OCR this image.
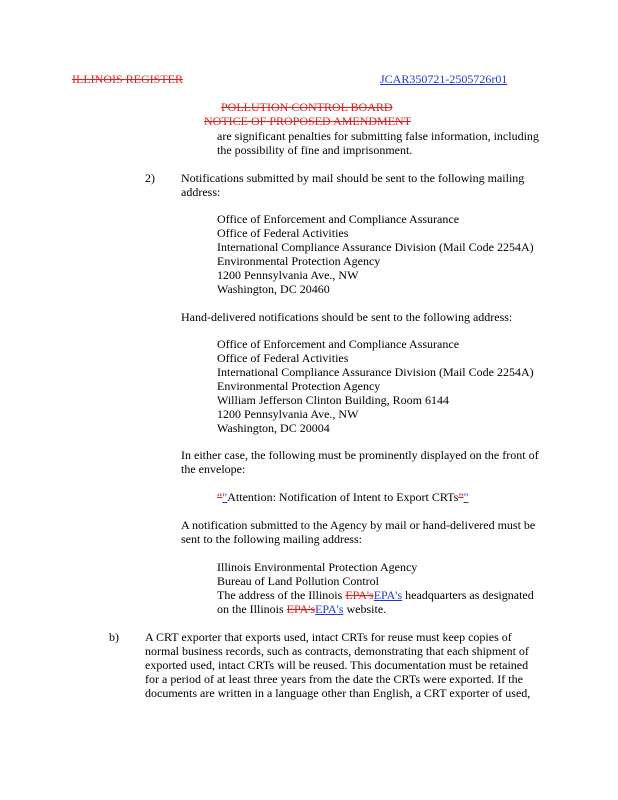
ILLINOIS REGISTER	JCAR350721-2505726r01
POLLUTION CONTROL BOARD
NOTICE OF PROPOSED AMENDMENT
are significant penalties for submitting false information, including
the possibility of fine and imprisonment.
2) Notifications submitted by mail should be sent to the following mailing
address:
Office of Enforcement and Compliance Assurance
Office of Federal Activities
International Compliance Assurance Division (Mail Code 2254A)
Environmental Protection Agency
1200 Pennsylvania Ave., NW
Washington, DC 20460
Hand-delivered notifications should be sent to the following address:
Office of Enforcement and Compliance Assurance
Office of Federal Activities
International Compliance Assurance Division (Mail Code 2254A)
Environmental Protection Agency
William Jefferson Clinton Building, Room 6144
1200 Pennsylvania Ave., NW
Washington, DC 20004
In either case, the following must be prominently displayed on the front of
the envelope:
“"Attention: Notification of Intent to Export CRTs”"
A notification submitted to the Agency by mail or hand-delivered must be
sent to the following mailing address:
Illinois Environmental Protection Agency
Bureau of Land Pollution Control
The address of the Illinois EPA'sEPA's headquarters as designated
on the Illinois EPA'sEPA's website.
b) A CRT exporter that exports used, intact CRTs for reuse must keep copies of
normal business records, such as contracts, demonstrating that each shipment of
exported used, intact CRTs will be reused. This documentation must be retained
for a period of at least three years from the date the CRTs were exported. If the
documents are written in a language other than English, a CRT exporter of used,
